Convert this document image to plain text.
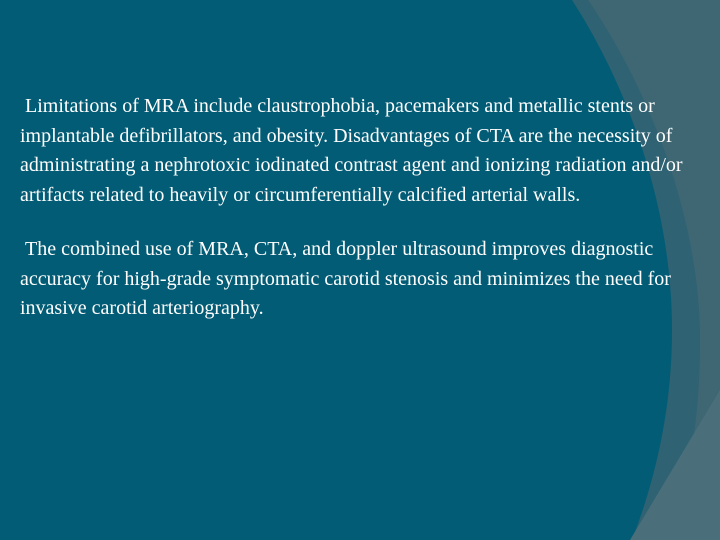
Limitations of MRA include claustrophobia, pacemakers and metallic stents or implantable defibrillators, and obesity. Disadvantages of CTA are the necessity of administrating a nephrotoxic iodinated contrast agent and ionizing radiation and/or artifacts related to heavily or circumferentially calcified arterial walls.

The combined use of MRA, CTA, and doppler ultrasound improves diagnostic accuracy for high-grade symptomatic carotid stenosis and minimizes the need for invasive carotid arteriography.
